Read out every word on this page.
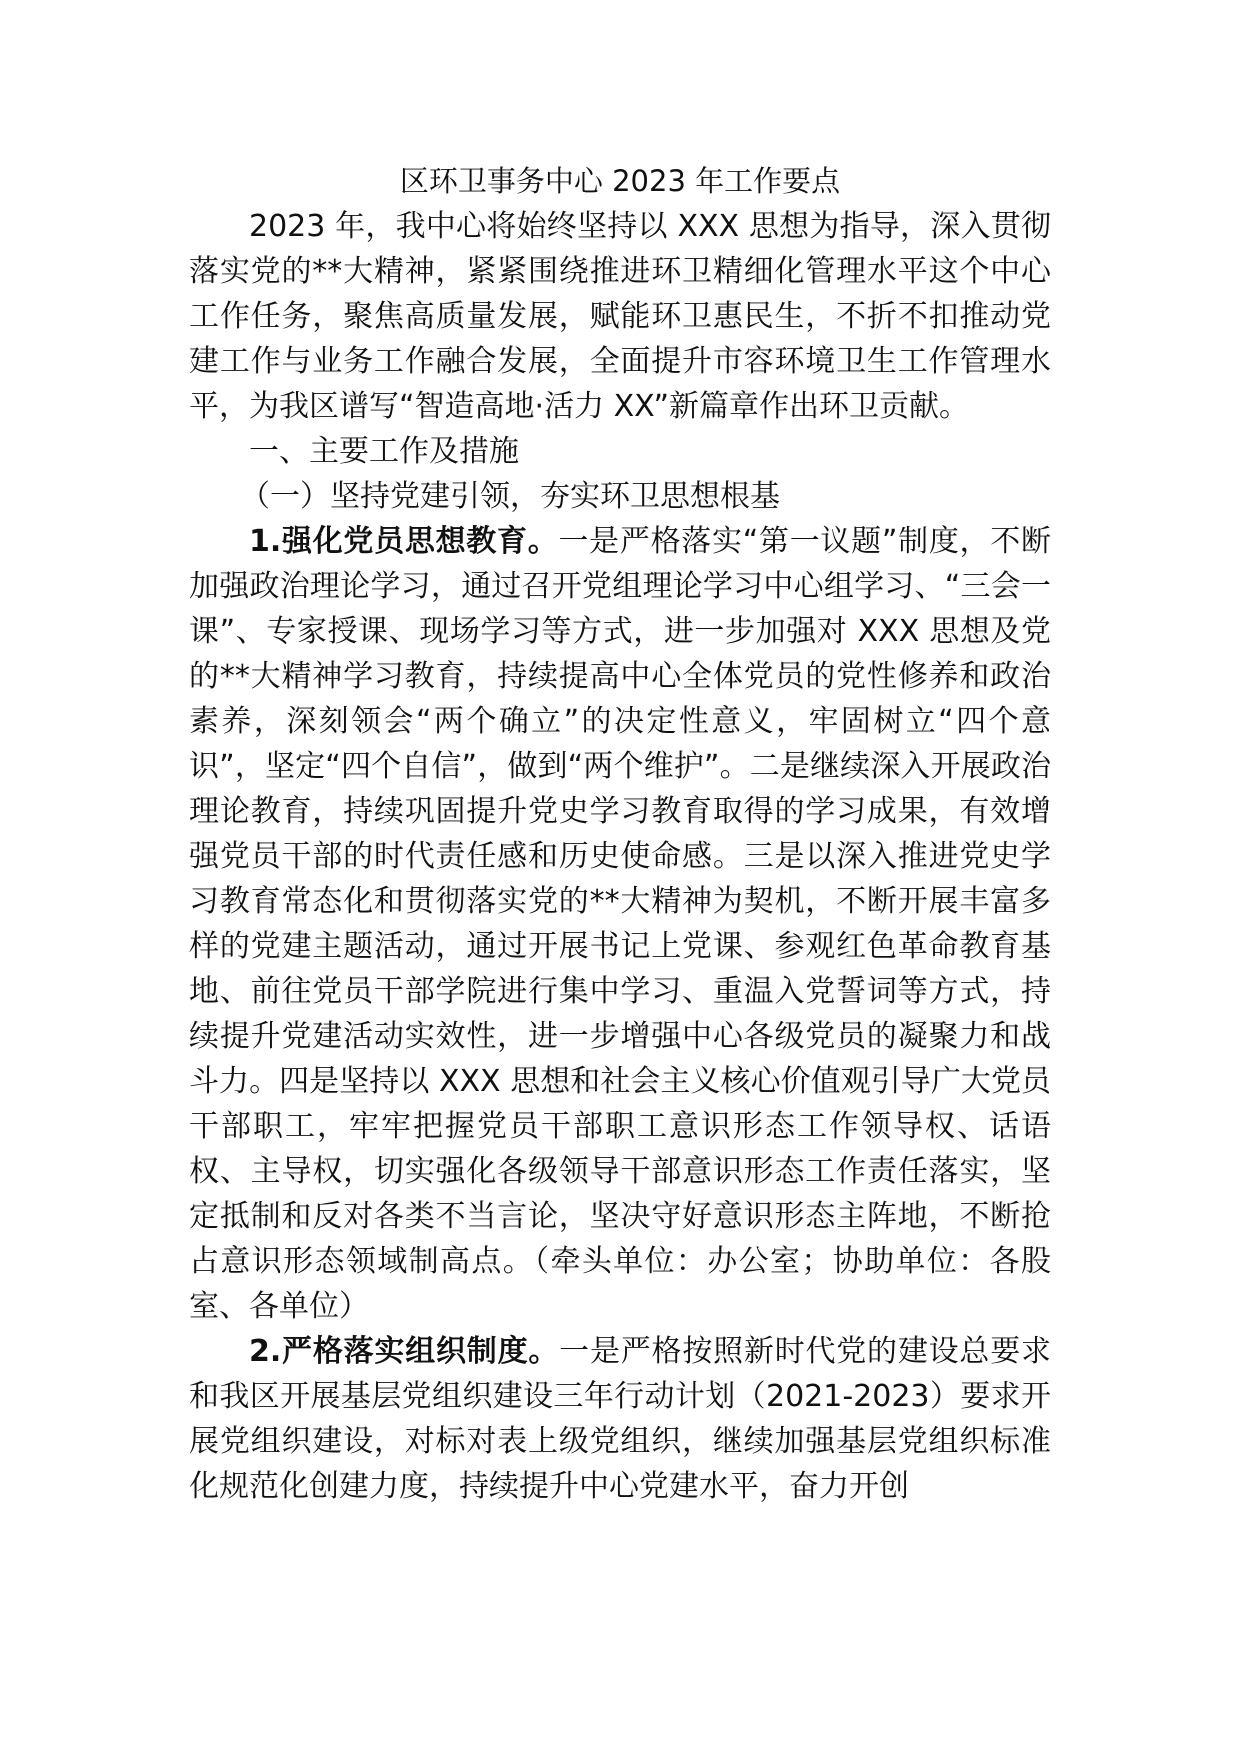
区环卫事务中心 2023 年工作要点

2023 年，我中心将始终坚持以 XXX 思想为指导，深入贯彻落实党的**大精神，紧紧围绕推进环卫精细化管理水平这个中心工作任务，聚焦高质量发展，赋能环卫惠民生，不折不扣推动党建工作与业务工作融合发展，全面提升市容环境卫生工作管理水平，为我区谱写“智造高地·活力 XX”新篇章作出环卫贡献。

一、主要工作及措施

（一）坚持党建引领，夯实环卫思想根基

1.强化党员思想教育。一是严格落实“第一议题”制度，不断加强政治理论学习，通过召开党组理论学习中心组学习、“三会一课”、专家授课、现场学习等方式，进一步加强对 XXX 思想及党的**大精神学习教育，持续提高中心全体党员的党性修养和政治素养，深刻领会“两个确立”的决定性意义，牢固树立“四个意识”，坚定“四个自信”，做到“两个维护”。二是继续深入开展政治理论教育，持续巩固提升党史学习教育取得的学习成果，有效增强党员干部的时代责任感和历史使命感。三是以深入推进党史学习教育常态化和贯彻落实党的**大精神为契机，不断开展丰富多样的党建主题活动，通过开展书记上党课、参观红色革命教育基地、前往党员干部学院进行集中学习、重温入党誓词等方式，持续提升党建活动实效性，进一步增强中心各级党员的凝聚力和战斗力。四是坚持以 XXX 思想和社会主义核心价值观引导广大党员干部职工，牢牢把握党员干部职工意识形态工作领导权、话语权、主导权，切实强化各级领导干部意识形态工作责任落实，坚定抵制和反对各类不当言论，坚决守好意识形态主阵地，不断抢占意识形态领域制高点。（牵头单位：办公室；协助单位：各股室、各单位）

2.严格落实组织制度。一是严格按照新时代党的建设总要求和我区开展基层党组织建设三年行动计划（2021-2023）要求开展党组织建设，对标对表上级党组织，继续加强基层党组织标准化规范化创建力度，持续提升中心党建水平，奋力开创
